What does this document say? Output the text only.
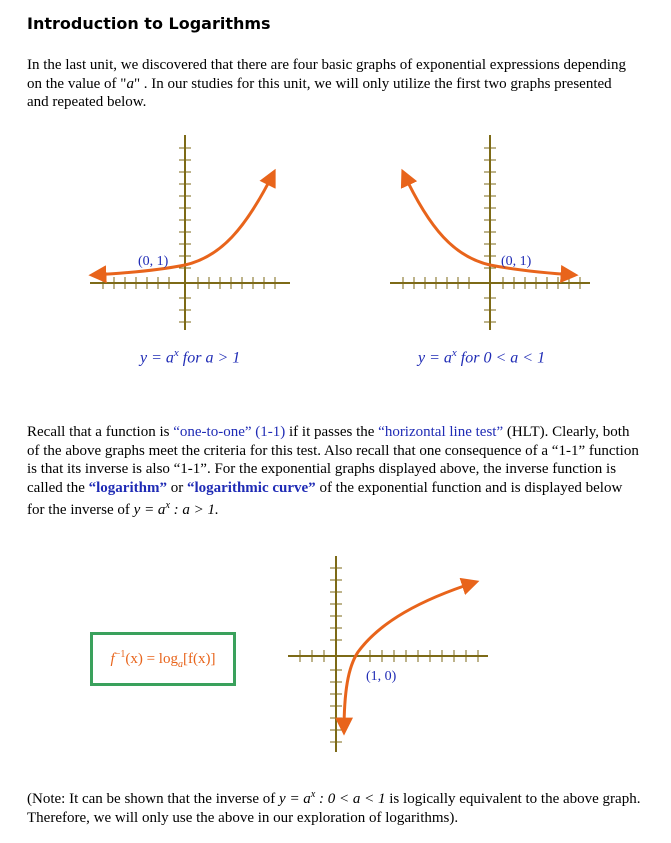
Introduction to Logarithms

In the last unit, we discovered that there are four basic graphs of exponential expressions depending on the value of "a" . In our studies for this unit, we will only utilize the first two graphs presented and repeated below.

(0, 1)
$y = a^x$ for a > 1
(0, 1)
$y = a^x$ for 0 < a < 1

Recall that a function is “one-to-one” (1-1) if it passes the “horizontal line test” (HLT). Clearly, both of the above graphs meet the criteria for this test. Also recall that one consequence of a “1-1” function is that its inverse is also “1-1”. For the exponential graphs displayed above, the inverse function is called the “logarithm” or “logarithmic curve” of the exponential function and is displayed below for the inverse of $y = a^x$ : a > 1.

$f^{-1}(x) = \log_a[f(x)]$
(1, 0)

(Note: It can be shown that the inverse of $y = a^x$ : 0 < a < 1 is logically equivalent to the above graph. Therefore, we will only use the above in our exploration of logarithms).
